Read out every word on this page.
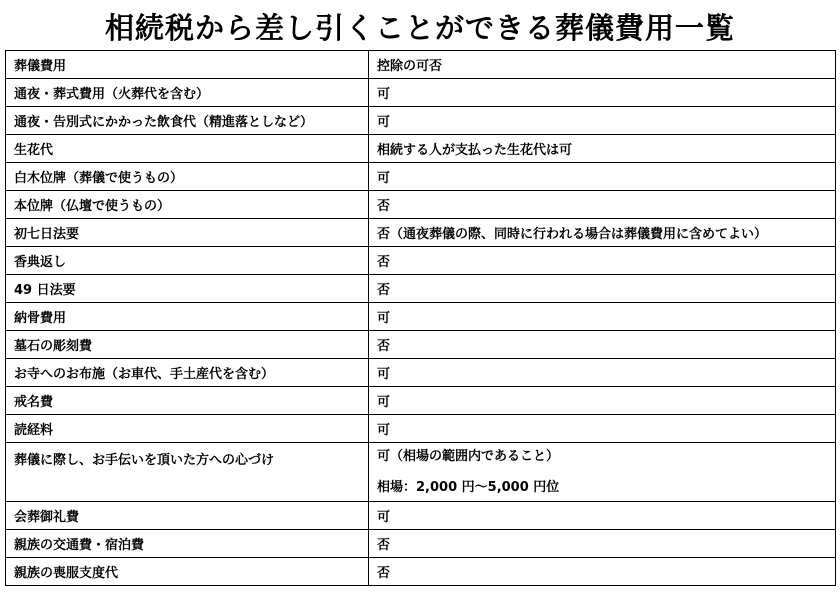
相続税から差し引くことができる葬儀費用一覧
葬儀費用	控除の可否
通夜・葬式費用（火葬代を含む）	可
通夜・告別式にかかった飲食代（精進落としなど）	可
生花代	相続する人が支払った生花代は可
白木位牌（葬儀で使うもの）	可
本位牌（仏壇で使うもの）	否
初七日法要	否（通夜葬儀の際、同時に行われる場合は葬儀費用に含めてよい）
香典返し	否
49 日法要	否
納骨費用	可
墓石の彫刻費	否
お寺へのお布施（お車代、手土産代を含む）	可
戒名費	可
読経料	可
葬儀に際し、お手伝いを頂いた方への心づけ	可（相場の範囲内であること）
相場：2,000 円～5,000 円位

会葬御礼費	可
親族の交通費・宿泊費	否
親族の喪服支度代	否
